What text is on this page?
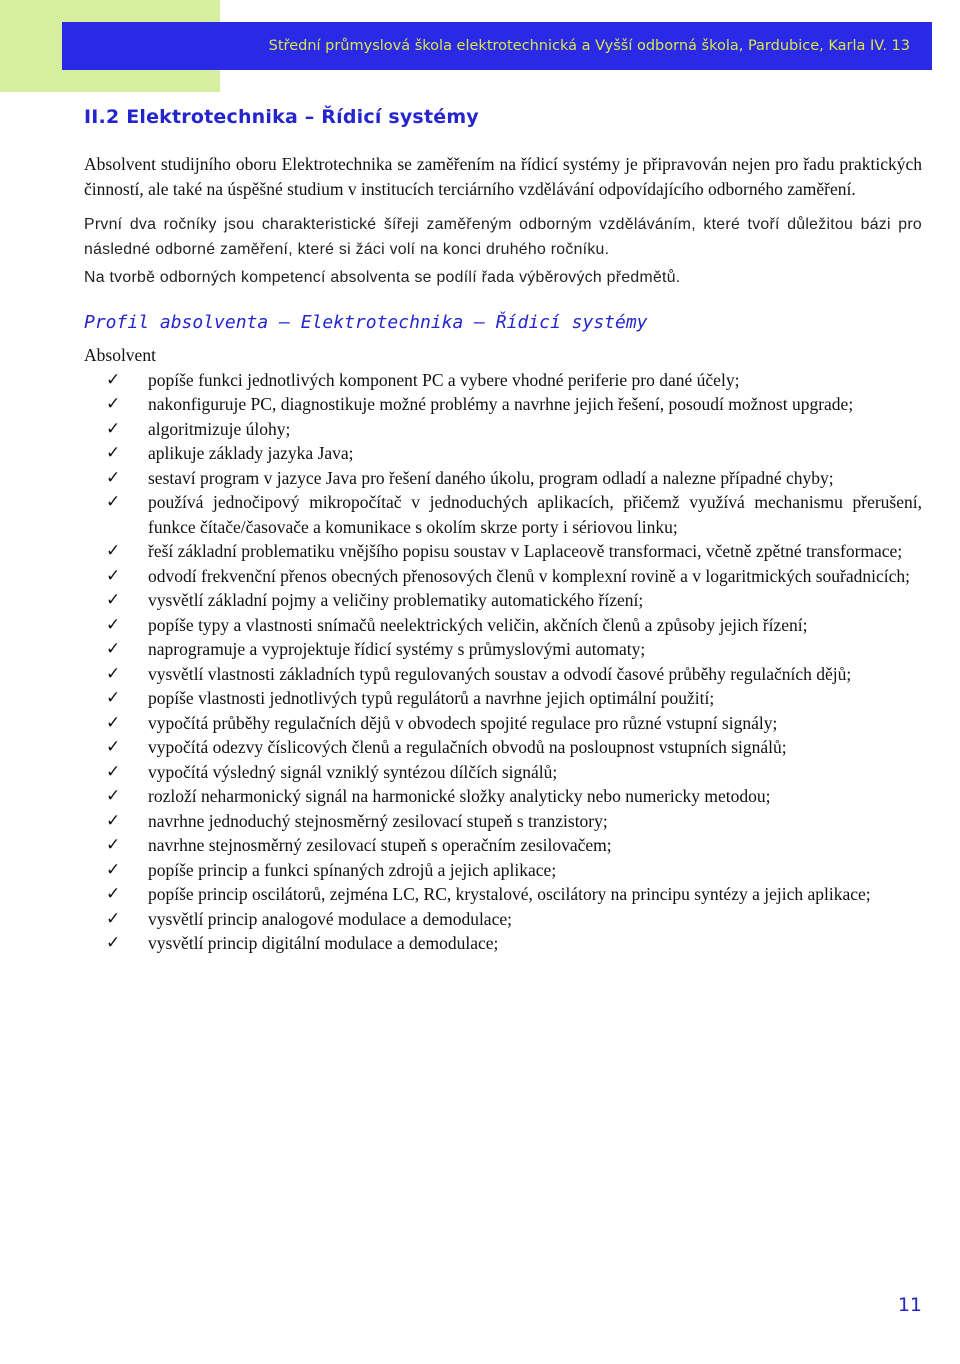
Střední průmyslová škola elektrotechnická a Vyšší odborná škola, Pardubice, Karla IV. 13
II.2 Elektrotechnika – Řídicí systémy

Absolvent studijního oboru Elektrotechnika se zaměřením na řídicí systémy je připravován nejen pro řadu praktických činností, ale také na úspěšné studium v institucích terciárního vzdělávání odpovídajícího odborného zaměření.

První dva ročníky jsou charakteristické šířeji zaměřeným odborným vzděláváním, které tvoří důležitou bázi pro následné odborné zaměření, které si žáci volí na konci druhého ročníku.

Na tvorbě odborných kompetencí absolventa se podílí řada výběrových předmětů.

Profil absolventa – Elektrotechnika – Řídicí systémy

Absolvent

✓ popíše funkci jednotlivých komponent PC a vybere vhodné periferie pro dané účely;
✓ nakonfiguruje PC, diagnostikuje možné problémy a navrhne jejich řešení, posoudí možnost upgrade;
✓ algoritmizuje úlohy;
✓ aplikuje základy jazyka Java;
✓ sestaví program v jazyce Java pro řešení daného úkolu, program odladí a nalezne případné chyby;
✓ používá jednočipový mikropočítač v jednoduchých aplikacích, přičemž využívá mechanismu přerušení, funkce čítače/časovače a komunikace s okolím skrze porty i sériovou linku;
✓ řeší základní problematiku vnějšího popisu soustav v Laplaceově transformaci, včetně zpětné transformace;
✓ odvodí frekvenční přenos obecných přenosových členů v komplexní rovině a v logaritmických souřadnicích;
✓ vysvětlí základní pojmy a veličiny problematiky automatického řízení;
✓ popíše typy a vlastnosti snímačů neelektrických veličin, akčních členů a způsoby jejich řízení;
✓ naprogramuje a vyprojektuje řídicí systémy s průmyslovými automaty;
✓ vysvětlí vlastnosti základních typů regulovaných soustav a odvodí časové průběhy regulačních dějů;
✓ popíše vlastnosti jednotlivých typů regulátorů a navrhne jejich optimální použití;
✓ vypočítá průběhy regulačních dějů v obvodech spojité regulace pro různé vstupní signály;
✓ vypočítá odezvy číslicových členů a regulačních obvodů na posloupnost vstupních signálů;
✓ vypočítá výsledný signál vzniklý syntézou dílčích signálů;
✓ rozloží neharmonický signál na harmonické složky analyticky nebo numericky metodou;
✓ navrhne jednoduchý stejnosměrný zesilovací stupeň s tranzistory;
✓ navrhne stejnosměrný zesilovací stupeň s operačním zesilovačem;
✓ popíše princip a funkci spínaných zdrojů a jejich aplikace;
✓ popíše princip oscilátorů, zejména LC, RC, krystalové, oscilátory na principu syntézy a jejich aplikace;
✓ vysvětlí princip analogové modulace a demodulace;
✓ vysvětlí princip digitální modulace a demodulace;
11
